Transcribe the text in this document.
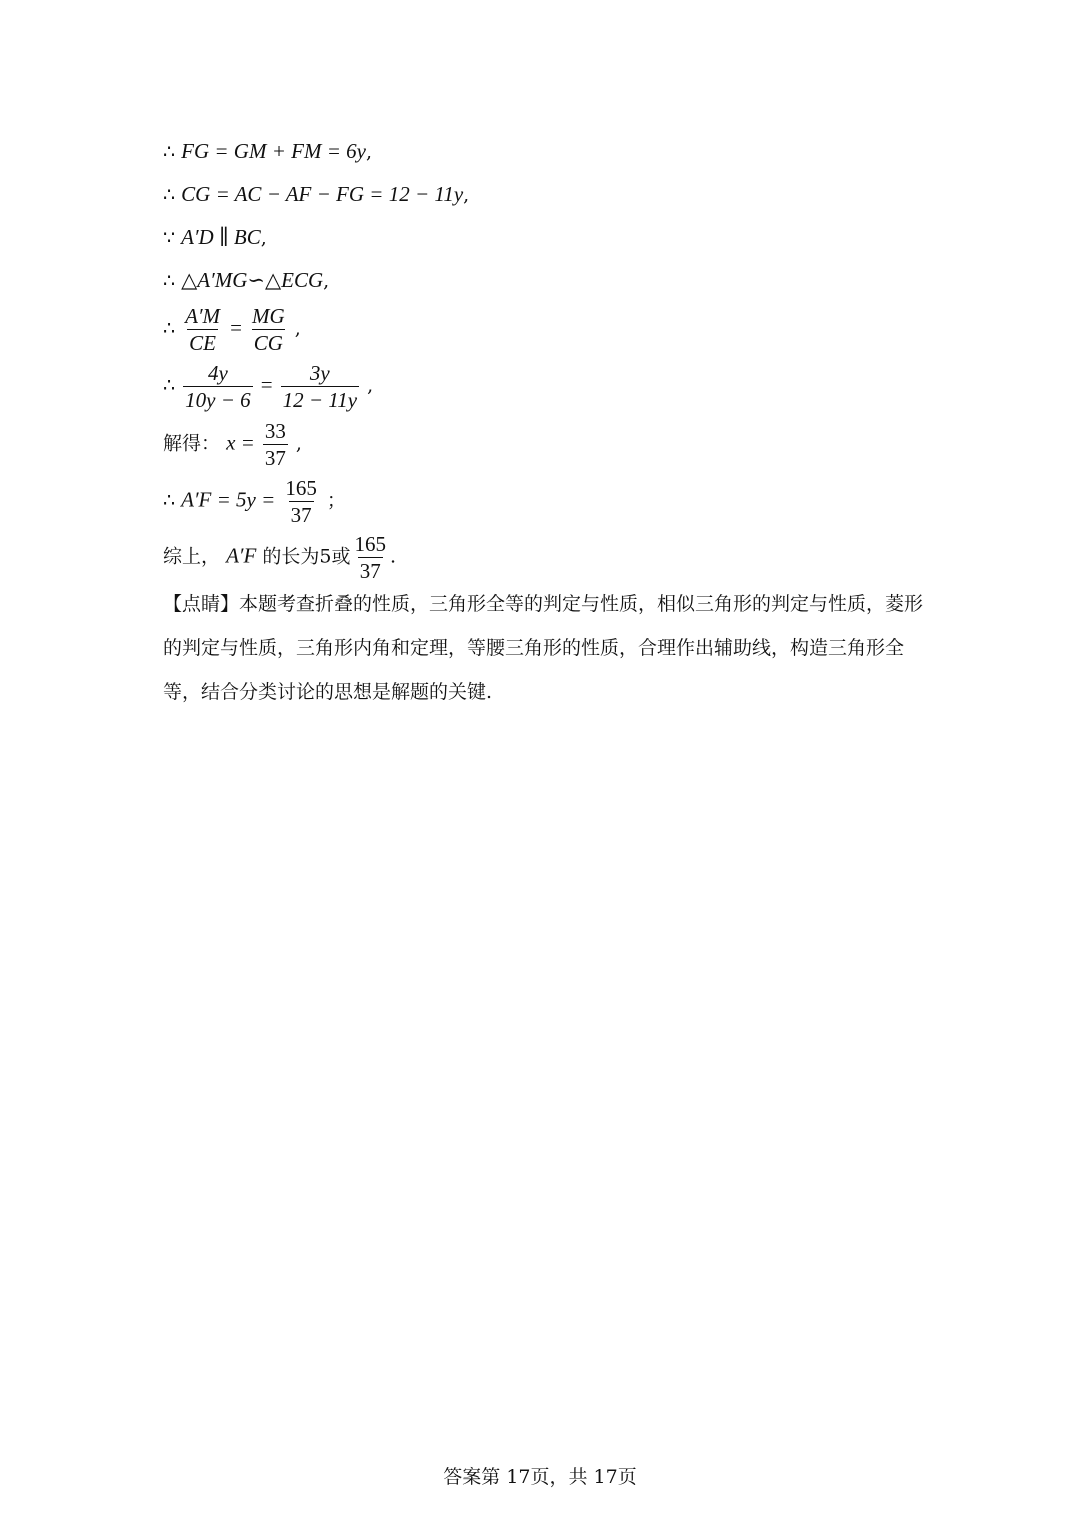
∴ FG = GM + FM = 6y,
∴ CG = AC − AF − FG = 12 − 11y,
∵ A′D ∥ BC,
∴ △A′MG∽△ECG,
∴ $\frac{A'M}{CE} = \frac{MG}{CG}$ ,
∴ $\frac{4y}{10y - 6} = \frac{3y}{12 - 11y}$ ,
解得： $x = \frac{33}{37}$ ,
∴ $A'F = 5y = \frac{165}{37}$ ；
综上， A′F 的长为5或 $\frac{165}{37}$ .
【点睛】本题考查折叠的性质，三角形全等的判定与性质，相似三角形的判定与性质，菱形的判定与性质，三角形内角和定理，等腰三角形的性质，合理作出辅助线，构造三角形全等，结合分类讨论的思想是解题的关键.
答案第 17页，共 17页
